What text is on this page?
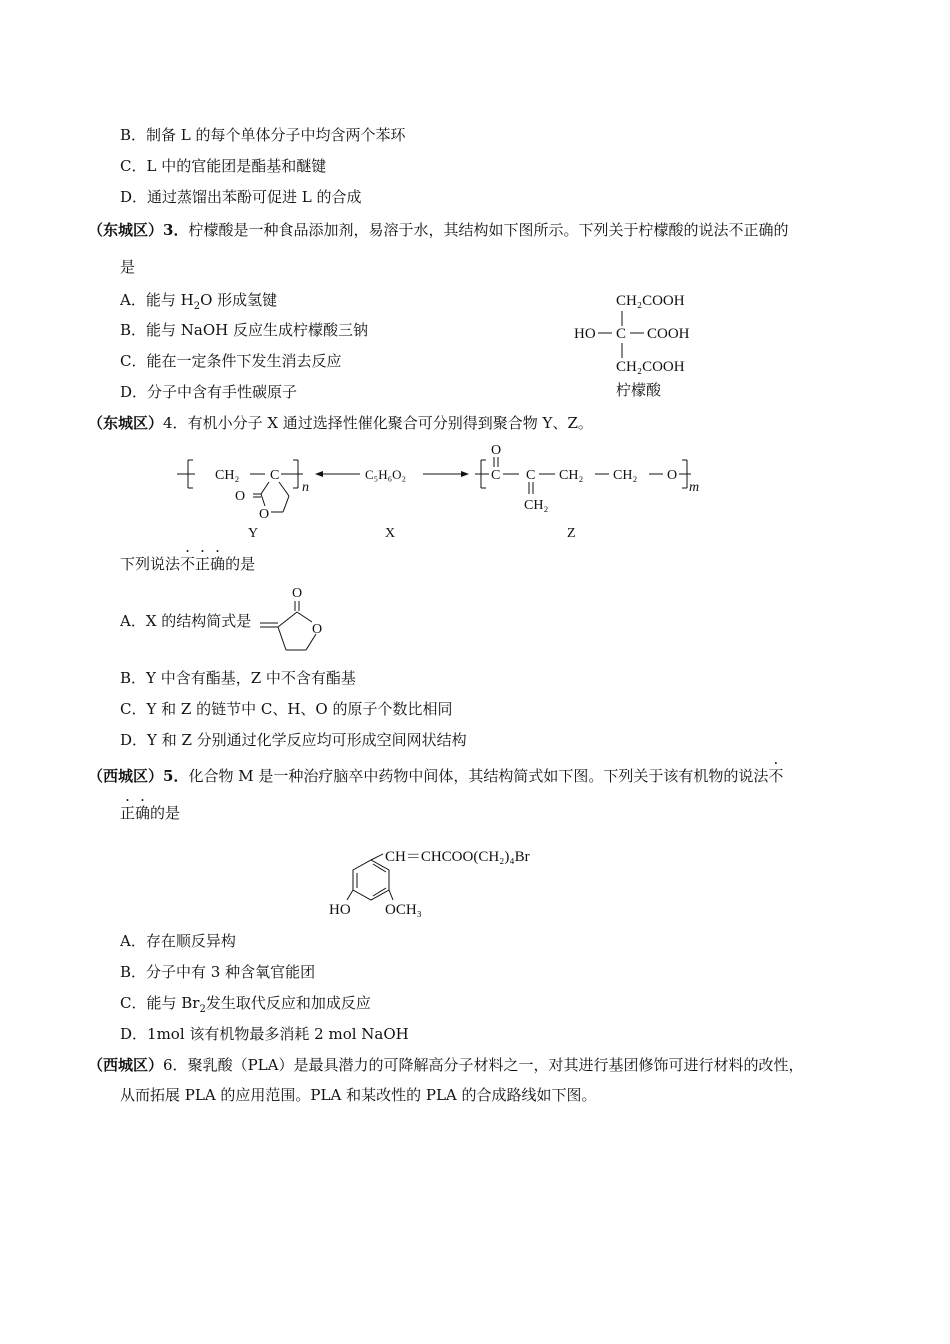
B．制备 L 的每个单体分子中均含两个苯环
C．L 中的官能团是酯基和醚键
D．通过蒸馏出苯酚可促进 L 的合成
（东城区）3．柠檬酸是一种食品添加剂，易溶于水，其结构如下图所示。下列关于柠檬酸的说法不正确的
是
A．能与 $H_2O$ 形成氢键
B．能与 NaOH 反应生成柠檬酸三钠
C．能在一定条件下发生消去反应
D．分子中含有手性碳原子
CH₂COOH
HO C COOH
CH₂COOH
柠檬酸
（东城区）4．有机小分子 X 通过选择性催化聚合可分别得到聚合物 Y、Z。
CH₂ C
n
O
O
Y
C₅H₆O₂
X
O
C C CH₂ CH₂ O
m
CH₂
Z
下列说法不正确的是
A．X 的结构简式是
O
O
B．Y 中含有酯基，Z 中不含有酯基
C．Y 和 Z 的链节中 C、H、O 的原子个数比相同
D．Y 和 Z 分别通过化学反应均可形成空间网状结构
（西城区）5．化合物 M 是一种治疗脑卒中药物中间体，其结构简式如下图。下列关于该有机物的说法不
正确的是
CH＝CHCOO(CH₂)₄Br
HO OCH₃
A．存在顺反异构
B．分子中有 3 种含氧官能团
C．能与 $Br_2$发生取代反应和加成反应
D．1mol 该有机物最多消耗 2 mol NaOH
（西城区）6．聚乳酸（PLA）是最具潜力的可降解高分子材料之一，对其进行基团修饰可进行材料的改性，
从而拓展 PLA 的应用范围。PLA 和某改性的 PLA 的合成路线如下图。
